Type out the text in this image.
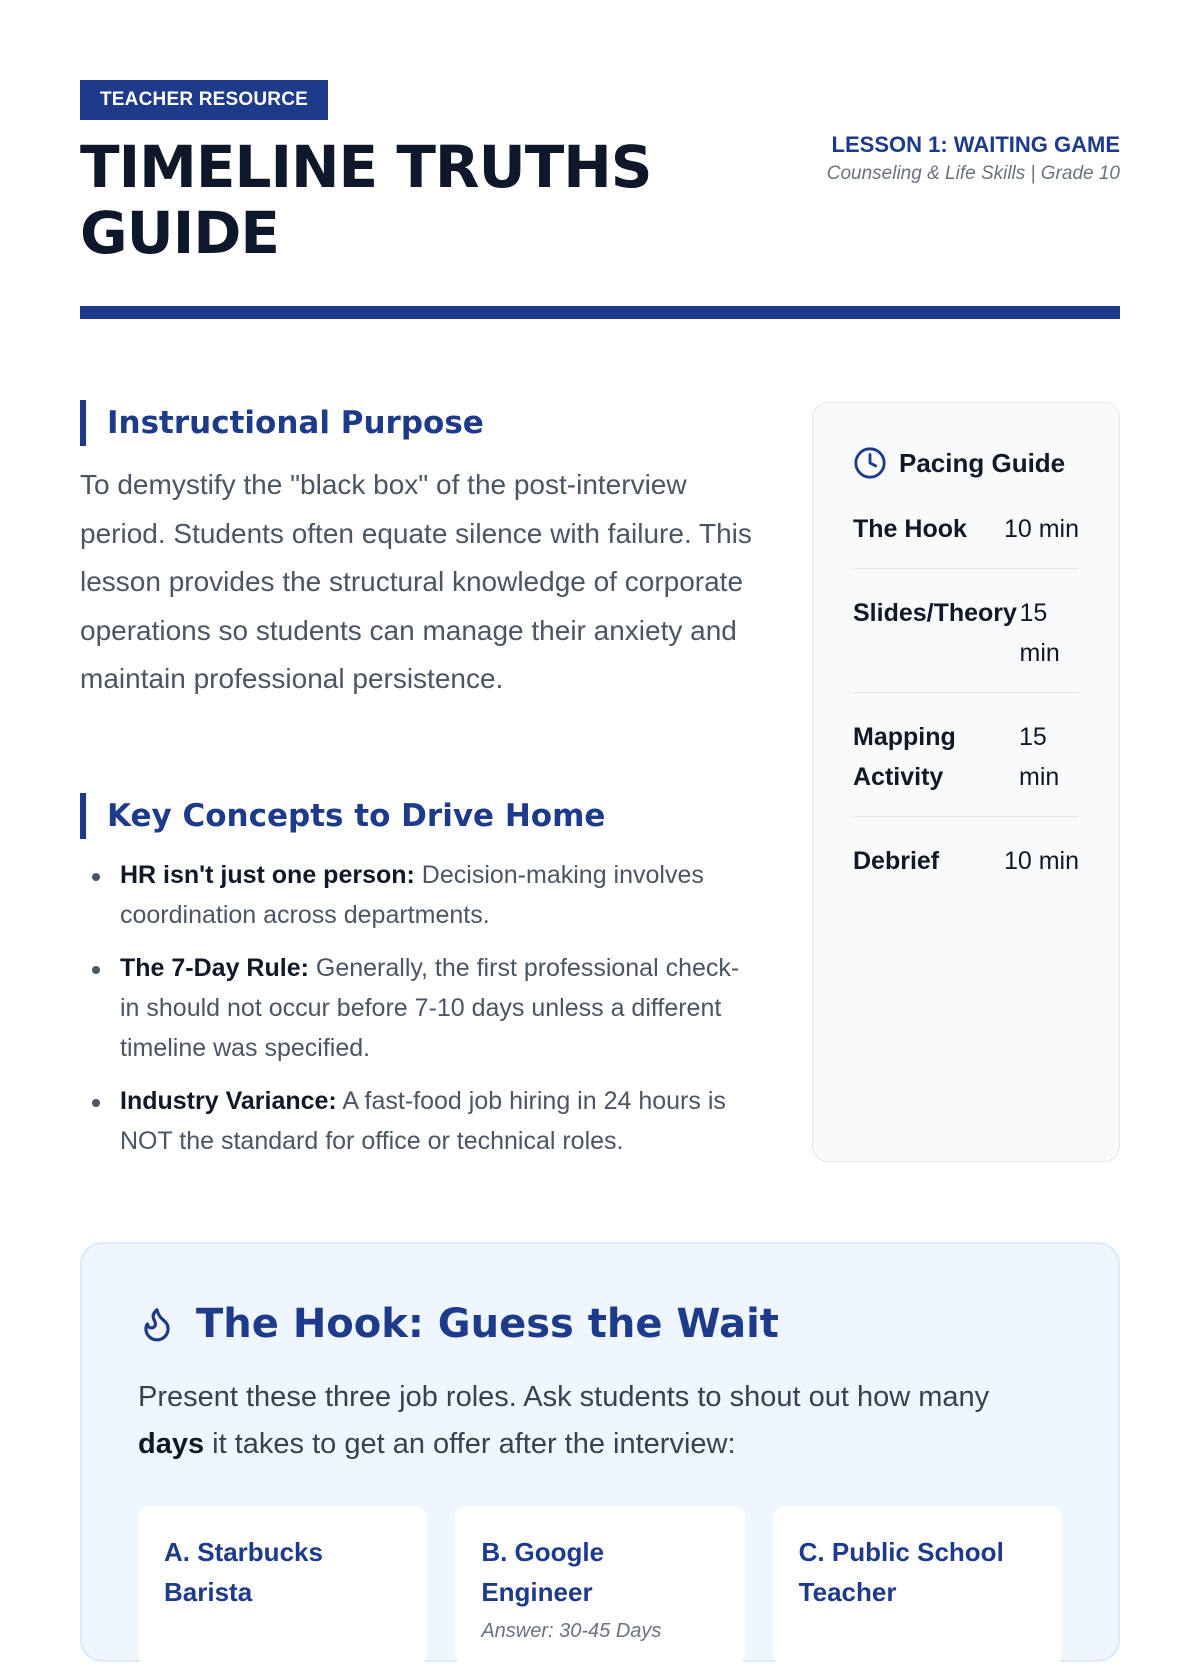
TEACHER RESOURCE
TIMELINE TRUTHS GUIDE
LESSON 1: WAITING GAME
Counseling & Life Skills | Grade 10
Instructional Purpose

To demystify the "black box" of the post-interview period. Students often equate silence with failure. This lesson provides the structural knowledge of corporate operations so students can manage their anxiety and maintain professional persistence.

Key Concepts to Drive Home
HR isn't just one person: Decision-making involves coordination across departments.
The 7-Day Rule: Generally, the first professional check-in should not occur before 7-10 days unless a different timeline was specified.
Industry Variance: A fast-food job hiring in 24 hours is NOT the standard for office or technical roles.
Pacing Guide
The Hook	10 min
Slides/Theory 15 min
Mapping Activity
15 min
Debrief	10 min
The Hook: Guess the Wait

Present these three job roles. Ask students to shout out how many days it takes to get an offer after the interview:

A. Starbucks Barista
B. Google Engineer
Answer: 30-45 Days
C. Public School Teacher
